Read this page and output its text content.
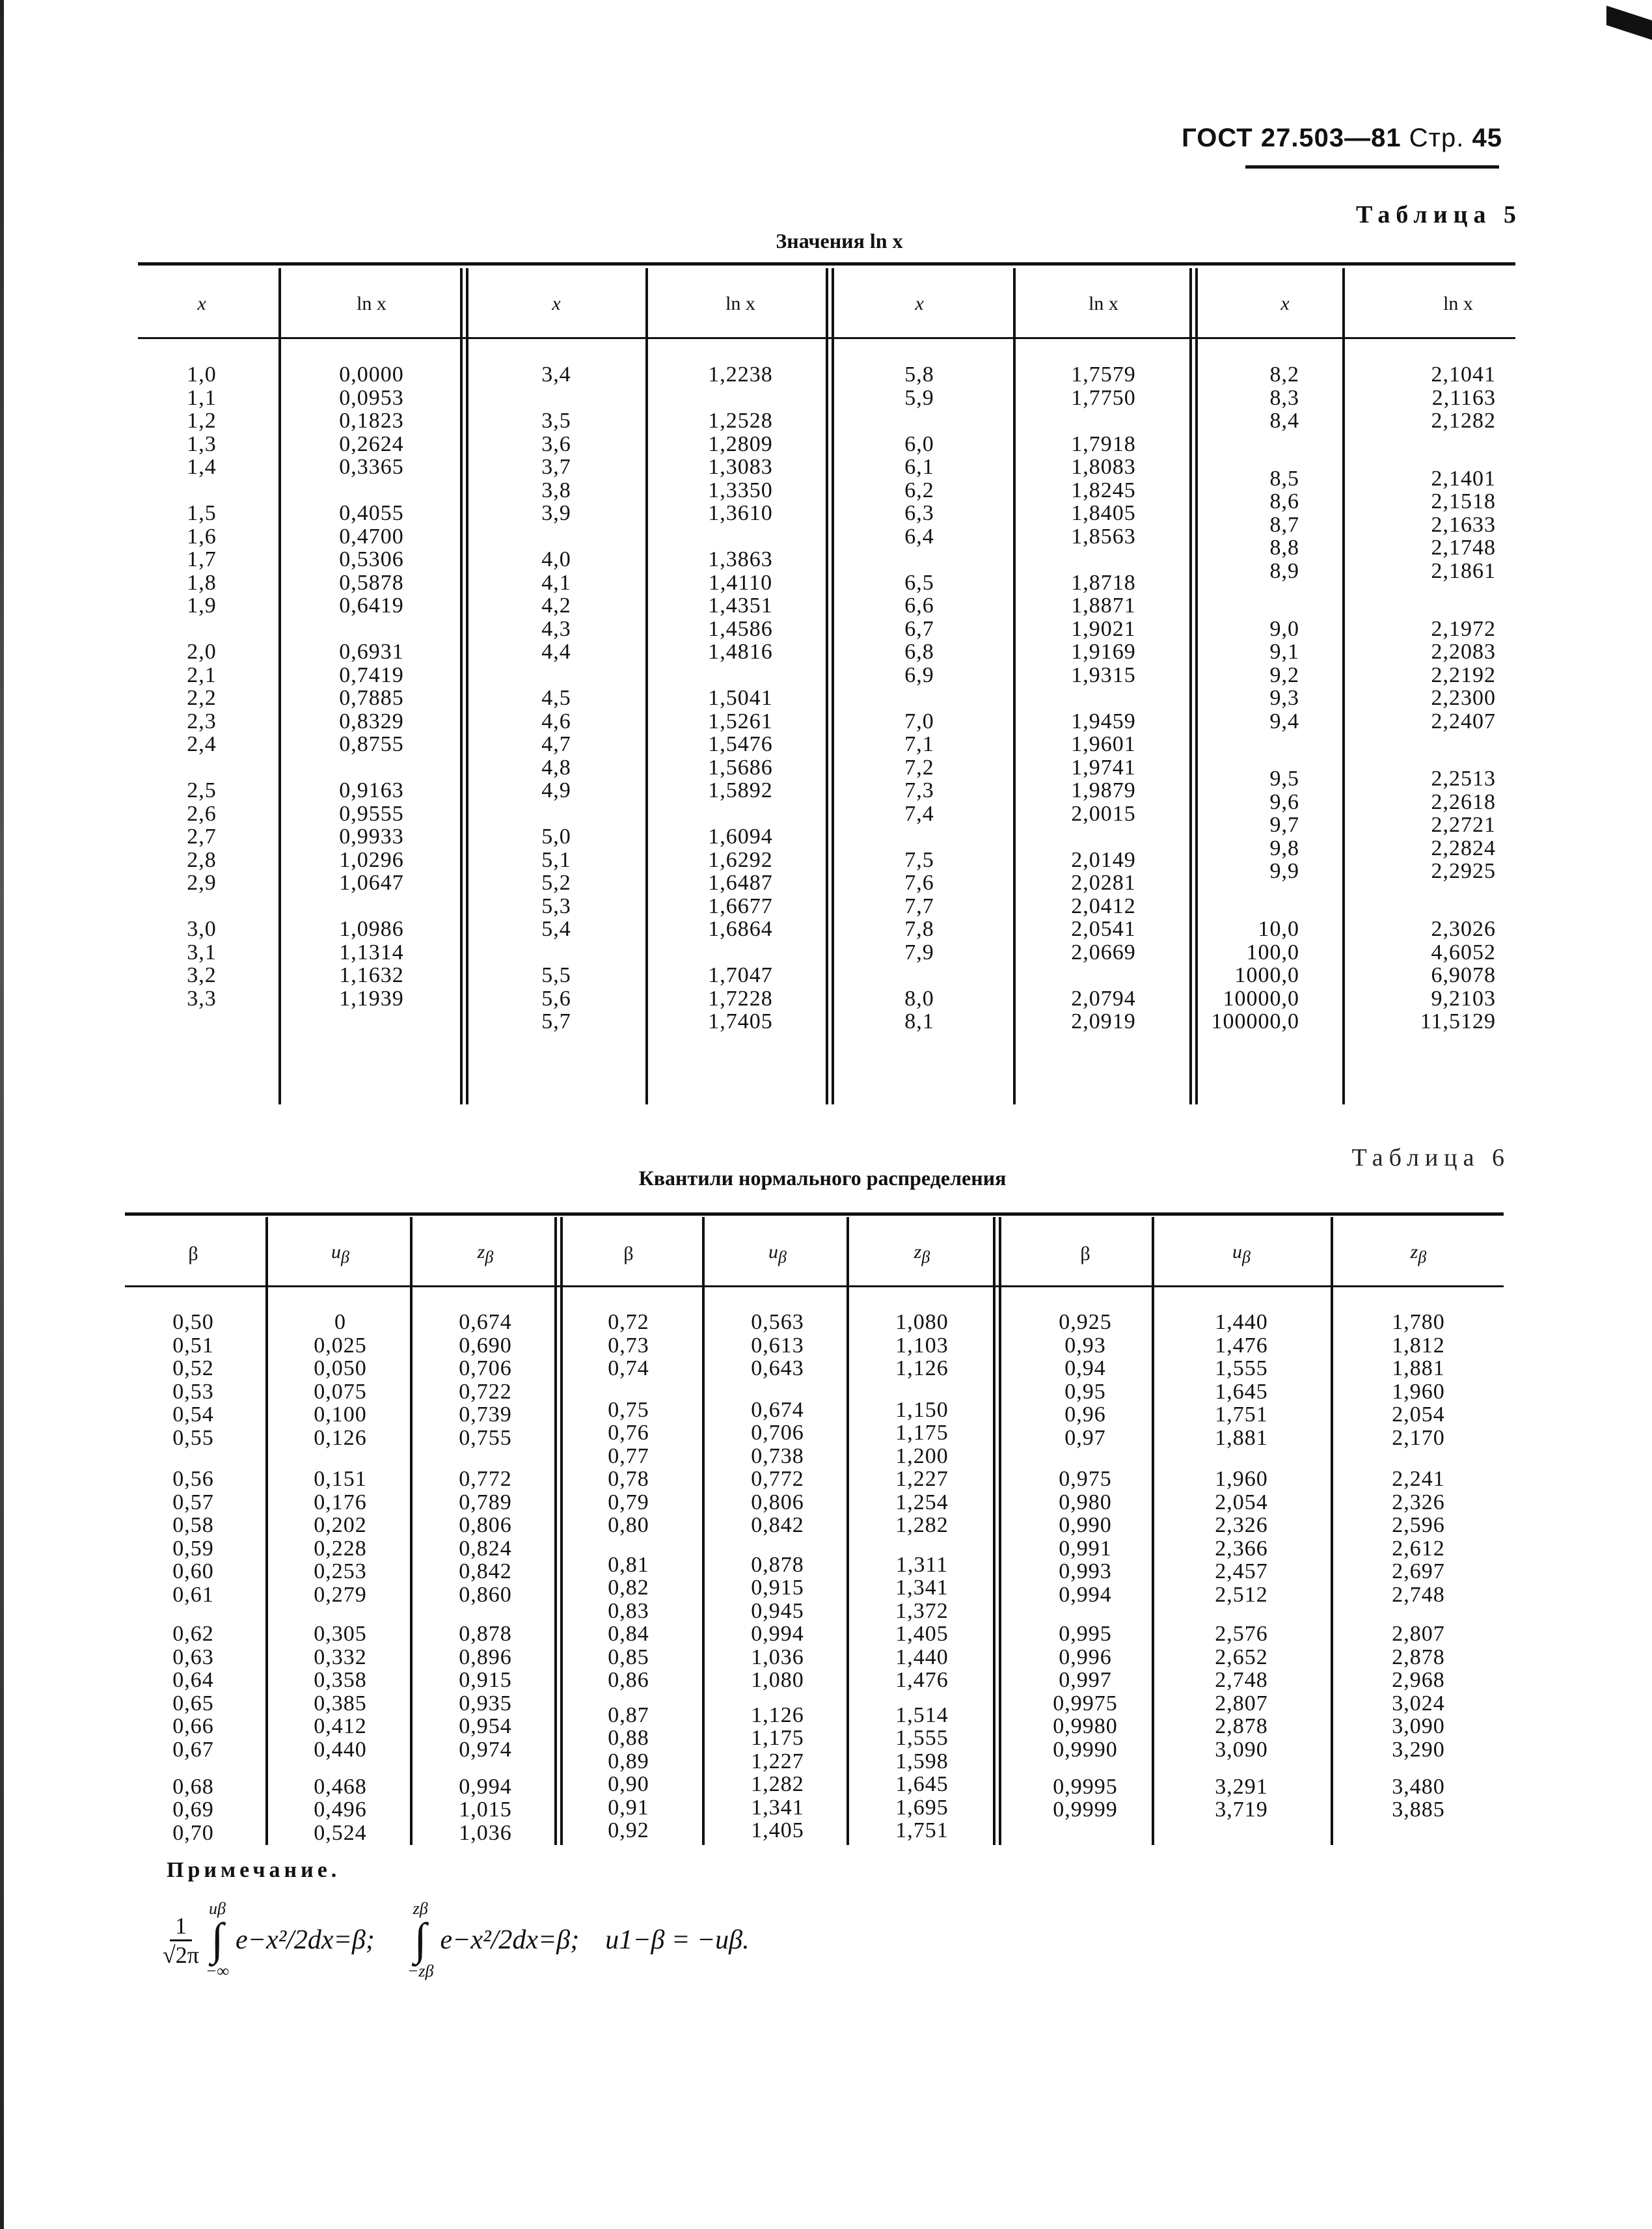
ГОСТ 27.503—81 Стр. 45
Таблица 5
Значения ln x
x	ln x
1,0	0,0000
1,1	0,0953
1,2	0,1823
1,3	0,2624
1,4	0,3365
1,5	0,4055
1,6	0,4700
1,7	0,5306
1,8	0,5878
1,9	0,6419
2,0	0,6931
2,1	0,7419
2,2	0,7885
2,3	0,8329
2,4	0,8755
2,5	0,9163
2,6	0,9555
2,7	0,9933
2,8	1,0296
2,9	1,0647
3,0	1,0986
3,1	1,1314
3,2	1,1632
3,3	1,1939
x	ln x
3,4	1,2238
3,5	1,2528
3,6	1,2809
3,7	1,3083
3,8	1,3350
3,9	1,3610
4,0	1,3863
4,1	1,4110
4,2	1,4351
4,3	1,4586
4,4	1,4816
4,5	1,5041
4,6	1,5261
4,7	1,5476
4,8	1,5686
4,9	1,5892
5,0	1,6094
5,1	1,6292
5,2	1,6487
5,3	1,6677
5,4	1,6864
5,5	1,7047
5,6	1,7228
5,7	1,7405
x	ln x
5,8	1,7579
5,9	1,7750
6,0	1,7918
6,1	1,8083
6,2	1,8245
6,3	1,8405
6,4	1,8563
6,5	1,8718
6,6	1,8871
6,7	1,9021
6,8	1,9169
6,9	1,9315
7,0	1,9459
7,1	1,9601
7,2	1,9741
7,3	1,9879
7,4	2,0015
7,5	2,0149
7,6	2,0281
7,7	2,0412
7,8	2,0541
7,9	2,0669
8,0	2,0794
8,1	2,0919
x	ln x
8,2	2,1041
8,3	2,1163
8,4	2,1282
8,5	2,1401
8,6	2,1518
8,7	2,1633
8,8	2,1748
8,9	2,1861
9,0	2,1972
9,1	2,2083
9,2	2,2192
9,3	2,2300
9,4	2,2407
9,5	2,2513
9,6	2,2618
9,7	2,2721
9,8	2,2824
9,9	2,2925
10,0	2,3026
100,0	4,6052
1000,0	6,9078
10000,0	9,2103
100000,0	11,5129
Таблица 6
Квантили нормального распределения
β	$u_\beta$	$z_\beta$
0,50	0	0,674
0,51	0,025	0,690
0,52	0,050	0,706
0,53	0,075	0,722
0,54	0,100	0,739
0,55	0,126	0,755
0,56	0,151	0,772
0,57	0,176	0,789
0,58	0,202	0,806
0,59	0,228	0,824
0,60	0,253	0,842
0,61	0,279	0,860
0,62	0,305	0,878
0,63	0,332	0,896
0,64	0,358	0,915
0,65	0,385	0,935
0,66	0,412	0,954
0,67	0,440	0,974
0,68	0,468	0,994
0,69	0,496	1,015
0,70	0,524	1,036
β	$u_\beta$	$z_\beta$
0,72	0,563	1,080
0,73	0,613	1,103
0,74	0,643	1,126
0,75	0,674	1,150
0,76	0,706	1,175
0,77	0,738	1,200
0,78	0,772	1,227
0,79	0,806	1,254
0,80	0,842	1,282
0,81	0,878	1,311
0,82	0,915	1,341
0,83	0,945	1,372
0,84	0,994	1,405
0,85	1,036	1,440
0,86	1,080	1,476
0,87	1,126	1,514
0,88	1,175	1,555
0,89	1,227	1,598
0,90	1,282	1,645
0,91	1,341	1,695
0,92	1,405	1,751
β	$u_\beta$	$z_\beta$
0,925	1,440	1,780
0,93	1,476	1,812
0,94	1,555	1,881
0,95	1,645	1,960
0,96	1,751	2,054
0,97	1,881	2,170
0,975	1,960	2,241
0,980	2,054	2,326
0,990	2,326	2,596
0,991	2,366	2,612
0,993	2,457	2,697
0,994	2,512	2,748
0,995	2,576	2,807
0,996	2,652	2,878
0,997	2,748	2,968
0,9975	2,807	3,024
0,9980	2,878	3,090
0,9990	3,090	3,290
0,9995	3,291	3,480
0,9999	3,719	3,885
Примечание.
$\frac{1}{√2\pi}$
uβ
∫
−∞
e−x²/2dx=β;
zβ
∫
−zβ
e−x²/2dx=β; u1−β = −uβ.
